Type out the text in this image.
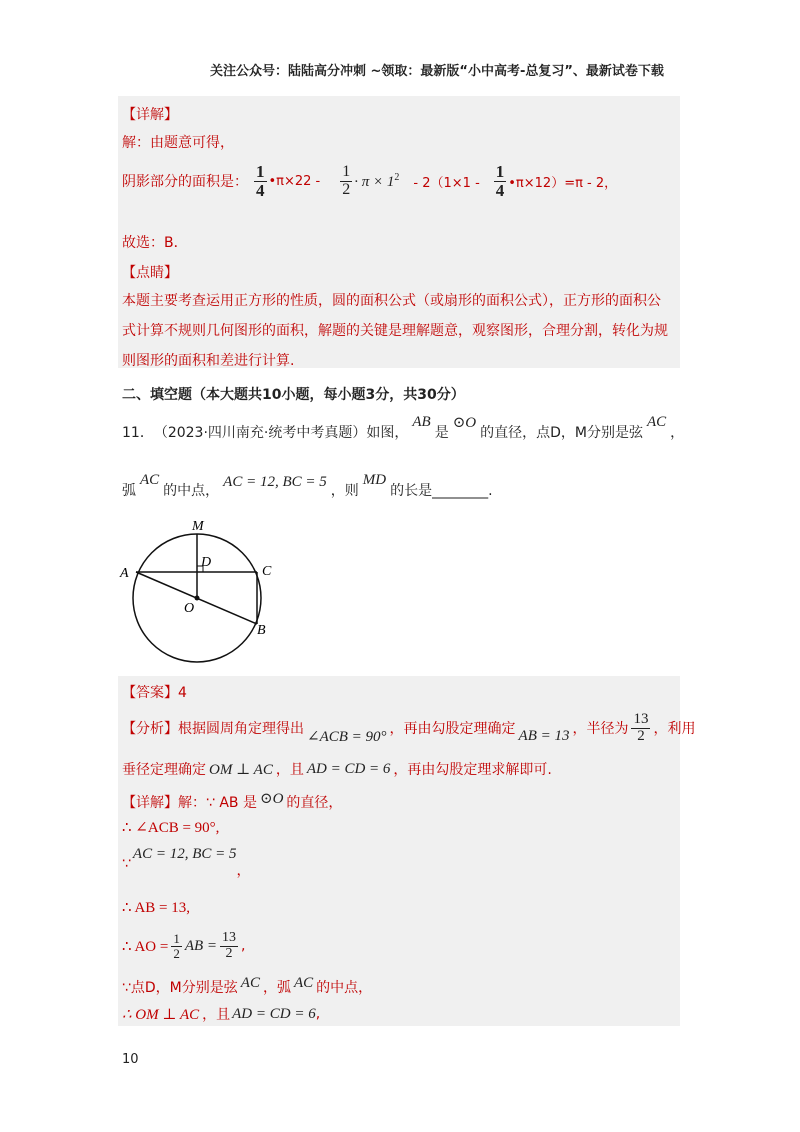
关注公众号：陆陆高分冲刺 ~领取：最新版“小中高考-总复习”、最新试卷下载
【详解】
解：由题意可得，
阴影部分的面积是： $\frac{1}{4}$ •π×22 - $\frac{1}{2} \cdot \pi \times 1^2 - 2(1\times 1 - \frac{1}{4}$ •π×12）=π - 2，
故选：B．
【点睛】
本题主要考查运用正方形的性质，圆的面积公式（或扇形的面积公式），正方形的面积公
式计算不规则几何图形的面积，解题的关键是理解题意，观察图形，合理分割，转化为规
则图形的面积和差进行计算.
二、填空题（本大题共10小题，每小题3分，共30分）
11． （2023·四川南充·统考中考真题）如图，
AB
是
⊙O
的直径，点D，M分别是弦
AC
，
弧
AC
的中点，
AC = 12, BC = 5
，则
MD
的长是________.
M
D
A	C
O
B
【答案】4
【分析】 根据圆周角定理得出 ∠ACB = 90° ，再由勾股定理确定 AB = 13 ，半径为 $\frac{13}{2}$ ，利用
垂径定理确定 OM ⊥ AC ，且 AD = CD = 6 ，再由勾股定理求解即可.
【详解】 解：∵ AB 是 ⊙O 的直径，
∴ ∠ACB = 90°,
∵
AC = 12, BC = 5
，
∴ AB = 13,
∴ AO = $\frac{1}{2}$ AB = $\frac{13}{2}$ ,
∵点D，M分别是弦 AC ，弧 AC 的中点，
∴ OM ⊥ AC ，且 AD = CD = 6 ,
10
